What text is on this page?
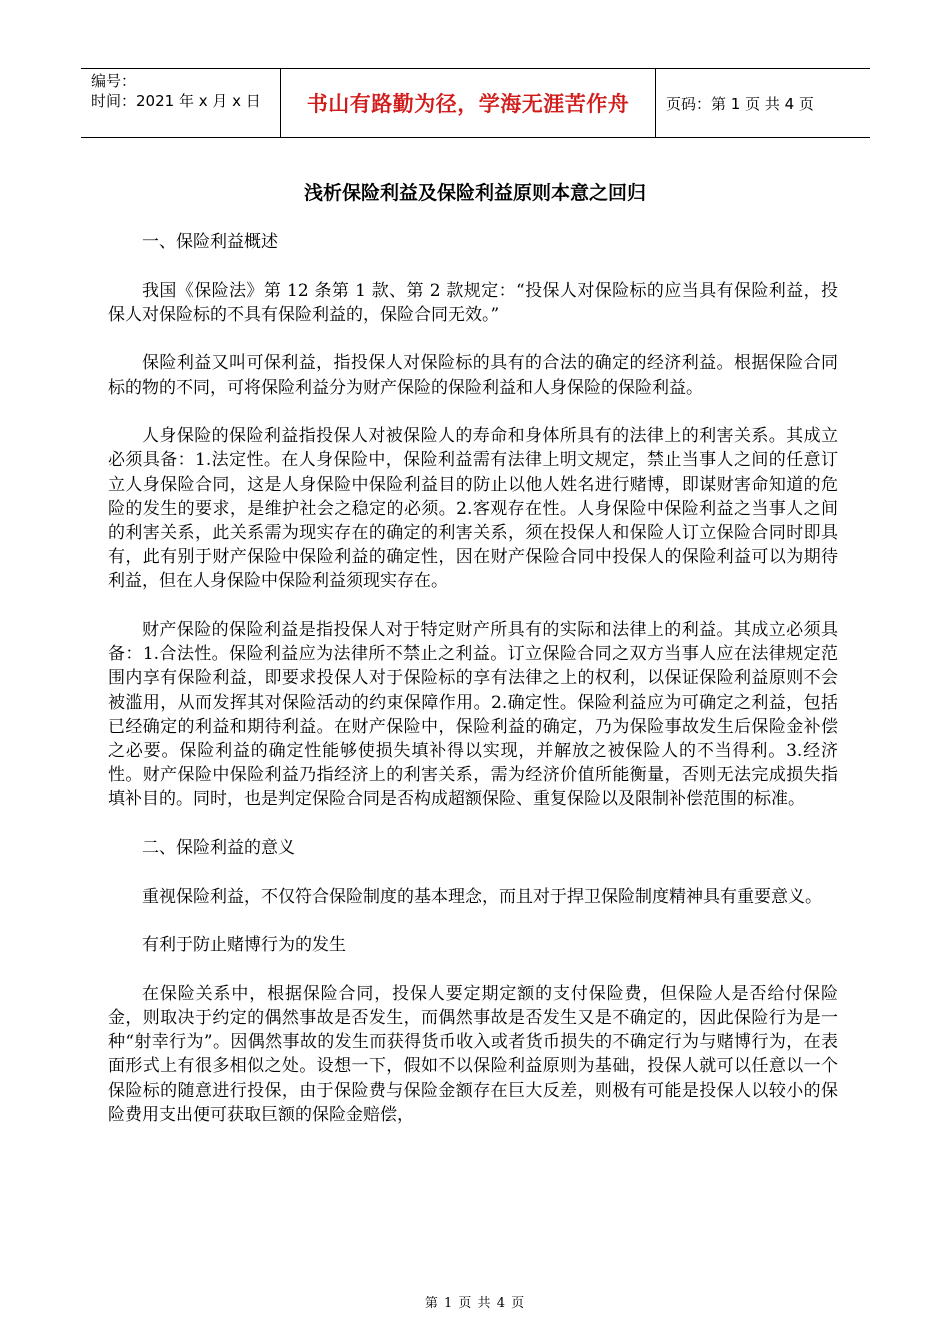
编号：
时间：2021 年 x 月 x 日	书山有路勤为径，学海无涯苦作舟	页码：第 1 页 共 4 页
浅析保险利益及保险利益原则本意之回归

一、保险利益概述

我国《保险法》第 12 条第 1 款、第 2 款规定：“投保人对保险标的应当具有保险利益，投保人对保险标的不具有保险利益的，保险合同无效。”

保险利益又叫可保利益，指投保人对保险标的具有的合法的确定的经济利益。根据保险合同标的物的不同，可将保险利益分为财产保险的保险利益和人身保险的保险利益。

人身保险的保险利益指投保人对被保险人的寿命和身体所具有的法律上的利害关系。其成立必须具备：1.法定性。在人身保险中，保险利益需有法律上明文规定，禁止当事人之间的任意订立人身保险合同，这是人身保险中保险利益目的防止以他人姓名进行赌博，即谋财害命知道的危险的发生的要求，是维护社会之稳定的必须。2.客观存在性。人身保险中保险利益之当事人之间的利害关系，此关系需为现实存在的确定的利害关系，须在投保人和保险人订立保险合同时即具有，此有别于财产保险中保险利益的确定性，因在财产保险合同中投保人的保险利益可以为期待利益，但在人身保险中保险利益须现实存在。

财产保险的保险利益是指投保人对于特定财产所具有的实际和法律上的利益。其成立必须具备：1.合法性。保险利益应为法律所不禁止之利益。订立保险合同之双方当事人应在法律规定范围内享有保险利益，即要求投保人对于保险标的享有法律之上的权利，以保证保险利益原则不会被滥用，从而发挥其对保险活动的约束保障作用。2.确定性。保险利益应为可确定之利益，包括已经确定的利益和期待利益。在财产保险中，保险利益的确定，乃为保险事故发生后保险金补偿之必要。保险利益的确定性能够使损失填补得以实现，并解放之被保险人的不当得利。3.经济性。财产保险中保险利益乃指经济上的利害关系，需为经济价值所能衡量，否则无法完成损失指填补目的。同时，也是判定保险合同是否构成超额保险、重复保险以及限制补偿范围的标准。

二、保险利益的意义

重视保险利益，不仅符合保险制度的基本理念，而且对于捍卫保险制度精神具有重要意义。

有利于防止赌博行为的发生

在保险关系中，根据保险合同，投保人要定期定额的支付保险费，但保险人是否给付保险金，则取决于约定的偶然事故是否发生，而偶然事故是否发生又是不确定的，因此保险行为是一种“射幸行为”。因偶然事故的发生而获得货币收入或者货币损失的不确定行为与赌博行为，在表面形式上有很多相似之处。设想一下，假如不以保险利益原则为基础，投保人就可以任意以一个保险标的随意进行投保，由于保险费与保险金额存在巨大反差，则极有可能是投保人以较小的保险费用支出便可获取巨额的保险金赔偿，

第 1 页 共 4 页
